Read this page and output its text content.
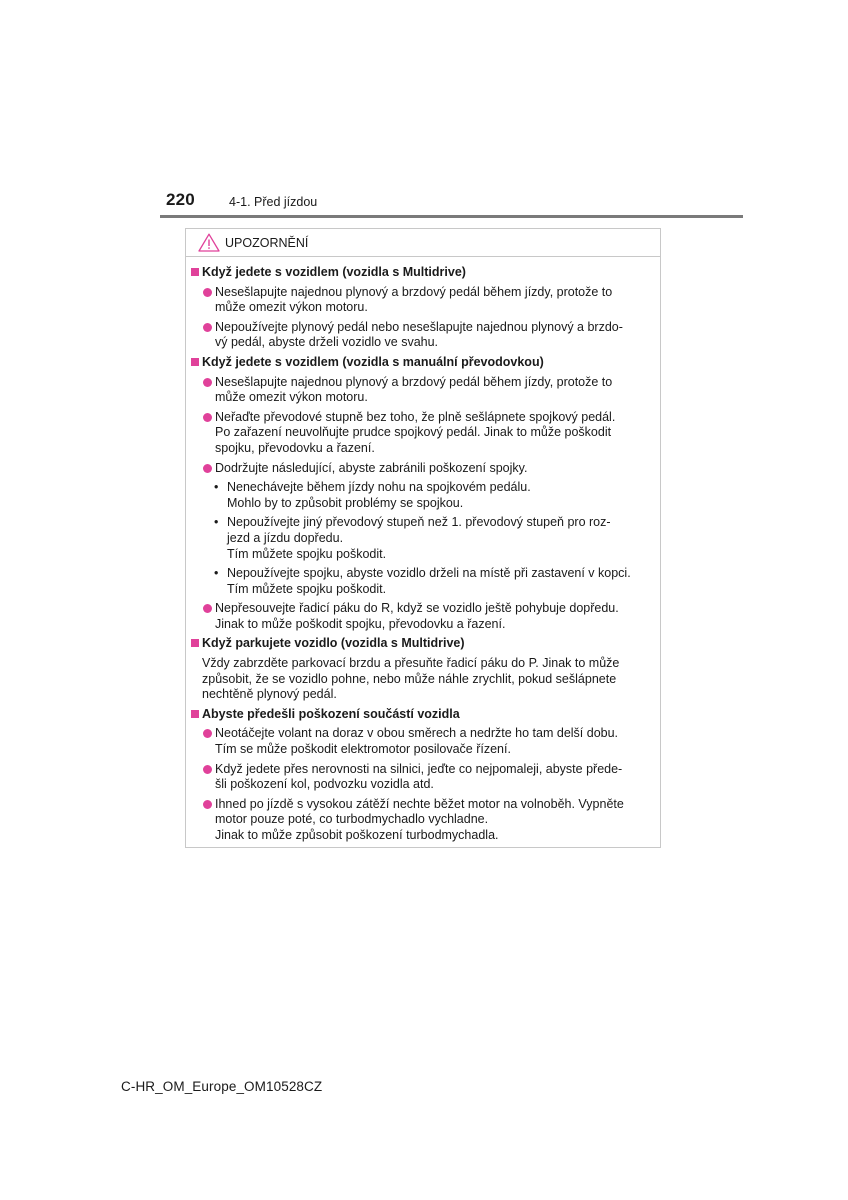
220	4-1. Před jízdou
UPOZORNĚNÍ
Když jedete s vozidlem (vozidla s Multidrive)
Nesešlapujte najednou plynový a brzdový pedál během jízdy, protože to
může omezit výkon motoru.
Nepoužívejte plynový pedál nebo nesešlapujte najednou plynový a brzdo-
vý pedál, abyste drželi vozidlo ve svahu.
Když jedete s vozidlem (vozidla s manuální převodovkou)
Nesešlapujte najednou plynový a brzdový pedál během jízdy, protože to
může omezit výkon motoru.
Neřaďte převodové stupně bez toho, že plně sešlápnete spojkový pedál.
Po zařazení neuvolňujte prudce spojkový pedál. Jinak to může poškodit
spojku, převodovku a řazení.
Dodržujte následující, abyste zabránili poškození spojky.
• Nenechávejte během jízdy nohu na spojkovém pedálu.
Mohlo by to způsobit problémy se spojkou.
• Nepoužívejte jiný převodový stupeň než 1. převodový stupeň pro roz-
jezd a jízdu dopředu.
Tím můžete spojku poškodit.
• Nepoužívejte spojku, abyste vozidlo drželi na místě při zastavení v kopci.
Tím můžete spojku poškodit.
Nepřesouvejte řadicí páku do R, když se vozidlo ještě pohybuje dopředu.
Jinak to může poškodit spojku, převodovku a řazení.
Když parkujete vozidlo (vozidla s Multidrive)
Vždy zabrzděte parkovací brzdu a přesuňte řadicí páku do P. Jinak to může
způsobit, že se vozidlo pohne, nebo může náhle zrychlit, pokud sešlápnete
nechtěně plynový pedál.
Abyste předešli poškození součástí vozidla
Neotáčejte volant na doraz v obou směrech a nedržte ho tam delší dobu.
Tím se může poškodit elektromotor posilovače řízení.
Když jedete přes nerovnosti na silnici, jeďte co nejpomaleji, abyste přede-
šli poškození kol, podvozku vozidla atd.
Ihned po jízdě s vysokou zátěží nechte běžet motor na volnoběh. Vypněte
motor pouze poté, co turbodmychadlo vychladne.
Jinak to může způsobit poškození turbodmychadla.
C-HR_OM_Europe_OM10528CZ
